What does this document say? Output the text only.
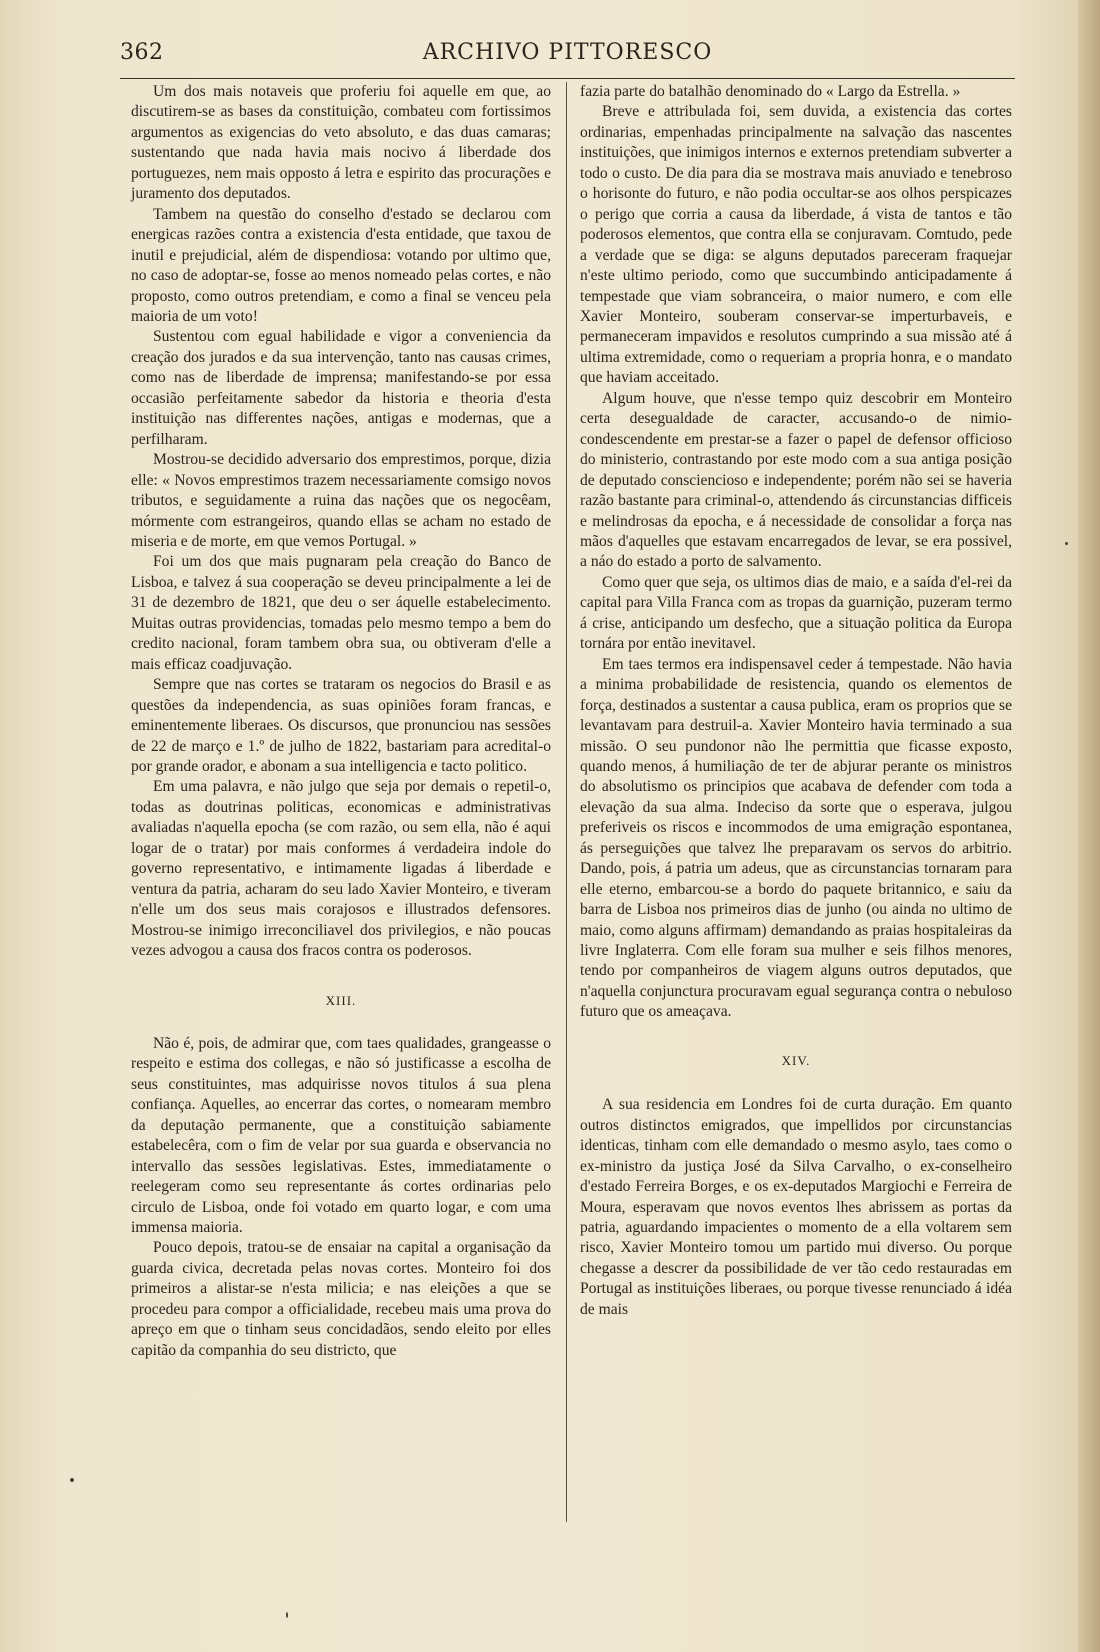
362	ARCHIVO PITTORESCO

Um dos mais notaveis que proferiu foi aquelle em que, ao discutirem-se as bases da constituição, combateu com fortissimos argumentos as exigencias do veto absoluto, e das duas camaras; sustentando que nada havia mais nocivo á liberdade dos portuguezes, nem mais opposto á letra e espirito das procurações e juramento dos deputados.

Tambem na questão do conselho d'estado se declarou com energicas razões contra a existencia d'esta entidade, que taxou de inutil e prejudicial, além de dispendiosa: votando por ultimo que, no caso de adoptar-se, fosse ao menos nomeado pelas cortes, e não proposto, como outros pretendiam, e como a final se venceu pela maioria de um voto!

Sustentou com egual habilidade e vigor a conveniencia da creação dos jurados e da sua intervenção, tanto nas causas crimes, como nas de liberdade de imprensa; manifestando-se por essa occasião perfeitamente sabedor da historia e theoria d'esta instituição nas differentes nações, antigas e modernas, que a perfilharam.

Mostrou-se decidido adversario dos emprestimos, porque, dizia elle: « Novos emprestimos trazem necessariamente comsigo novos tributos, e seguidamente a ruina das nações que os negocêam, mórmente com estrangeiros, quando ellas se acham no estado de miseria e de morte, em que vemos Portugal. »

Foi um dos que mais pugnaram pela creação do Banco de Lisboa, e talvez á sua cooperação se deveu principalmente a lei de 31 de dezembro de 1821, que deu o ser áquelle estabelecimento. Muitas outras providencias, tomadas pelo mesmo tempo a bem do credito nacional, foram tambem obra sua, ou obtiveram d'elle a mais efficaz coadjuvação.

Sempre que nas cortes se trataram os negocios do Brasil e as questões da independencia, as suas opiniões foram francas, e eminentemente liberaes. Os discursos, que pronunciou nas sessões de 22 de março e 1.º de julho de 1822, bastariam para acredital-o por grande orador, e abonam a sua intelligencia e tacto politico.

Em uma palavra, e não julgo que seja por demais o repetil-o, todas as doutrinas politicas, economicas e administrativas avaliadas n'aquella epocha (se com razão, ou sem ella, não é aqui logar de o tratar) por mais conformes á verdadeira indole do governo representativo, e intimamente ligadas á liberdade e ventura da patria, acharam do seu lado Xavier Monteiro, e tiveram n'elle um dos seus mais corajosos e illustrados defensores. Mostrou-se inimigo irreconciliavel dos privilegios, e não poucas vezes advogou a causa dos fracos contra os poderosos.

XIII.

Não é, pois, de admirar que, com taes qualidades, grangeasse o respeito e estima dos collegas, e não só justificasse a escolha de seus constituintes, mas adquirisse novos titulos á sua plena confiança. Aquelles, ao encerrar das cortes, o nomearam membro da deputação permanente, que a constituição sabiamente estabelecêra, com o fim de velar por sua guarda e observancia no intervallo das sessões legislativas. Estes, immediatamente o reelegeram como seu representante ás cortes ordinarias pelo circulo de Lisboa, onde foi votado em quarto logar, e com uma immensa maioria.

Pouco depois, tratou-se de ensaiar na capital a organisação da guarda civica, decretada pelas novas cortes. Monteiro foi dos primeiros a alistar-se n'esta milicia; e nas eleições a que se procedeu para compor a officialidade, recebeu mais uma prova do apreço em que o tinham seus concidadãos, sendo eleito por elles capitão da companhia do seu districto, que

fazia parte do batalhão denominado do « Largo da Estrella. »

Breve e attribulada foi, sem duvida, a existencia das cortes ordinarias, empenhadas principalmente na salvação das nascentes instituições, que inimigos internos e externos pretendiam subverter a todo o custo. De dia para dia se mostrava mais anuviado e tenebroso o horisonte do futuro, e não podia occultar-se aos olhos perspicazes o perigo que corria a causa da liberdade, á vista de tantos e tão poderosos elementos, que contra ella se conjuravam. Comtudo, pede a verdade que se diga: se alguns deputados pareceram fraquejar n'este ultimo periodo, como que succumbindo anticipadamente á tempestade que viam sobranceira, o maior numero, e com elle Xavier Monteiro, souberam conservar-se imperturbaveis, e permaneceram impavidos e resolutos cumprindo a sua missão até á ultima extremidade, como o requeriam a propria honra, e o mandato que haviam acceitado.

Algum houve, que n'esse tempo quiz descobrir em Monteiro certa desegualdade de caracter, accusando-o de nimio-condescendente em prestar-se a fazer o papel de defensor officioso do ministerio, contrastando por este modo com a sua antiga posição de deputado consciencioso e independente; porém não sei se haveria razão bastante para criminal-o, attendendo ás circunstancias difficeis e melindrosas da epocha, e á necessidade de consolidar a força nas mãos d'aquelles que estavam encarregados de levar, se era possivel, a náo do estado a porto de salvamento.

Como quer que seja, os ultimos dias de maio, e a saída d'el-rei da capital para Villa Franca com as tropas da guarnição, puzeram termo á crise, anticipando um desfecho, que a situação politica da Europa tornára por então inevitavel.

Em taes termos era indispensavel ceder á tempestade. Não havia a minima probabilidade de resistencia, quando os elementos de força, destinados a sustentar a causa publica, eram os proprios que se levantavam para destruil-a. Xavier Monteiro havia terminado a sua missão. O seu pundonor não lhe permittia que ficasse exposto, quando menos, á humiliação de ter de abjurar perante os ministros do absolutismo os principios que acabava de defender com toda a elevação da sua alma. Indeciso da sorte que o esperava, julgou preferiveis os riscos e incommodos de uma emigração espontanea, ás perseguições que talvez lhe preparavam os servos do arbitrio. Dando, pois, á patria um adeus, que as circunstancias tornaram para elle eterno, embarcou-se a bordo do paquete britannico, e saiu da barra de Lisboa nos primeiros dias de junho (ou ainda no ultimo de maio, como alguns affirmam) demandando as praias hospitaleiras da livre Inglaterra. Com elle foram sua mulher e seis filhos menores, tendo por companheiros de viagem alguns outros deputados, que n'aquella conjunctura procuravam egual segurança contra o nebuloso futuro que os ameaçava.

XIV.

A sua residencia em Londres foi de curta duração. Em quanto outros distinctos emigrados, que impellidos por circunstancias identicas, tinham com elle demandado o mesmo asylo, taes como o ex-ministro da justiça José da Silva Carvalho, o ex-conselheiro d'estado Ferreira Borges, e os ex-deputados Margiochi e Ferreira de Moura, esperavam que novos eventos lhes abrissem as portas da patria, aguardando impacientes o momento de a ella voltarem sem risco, Xavier Monteiro tomou um partido mui diverso. Ou porque chegasse a descrer da possibilidade de ver tão cedo restauradas em Portugal as instituições liberaes, ou porque tivesse renunciado á idéa de mais
